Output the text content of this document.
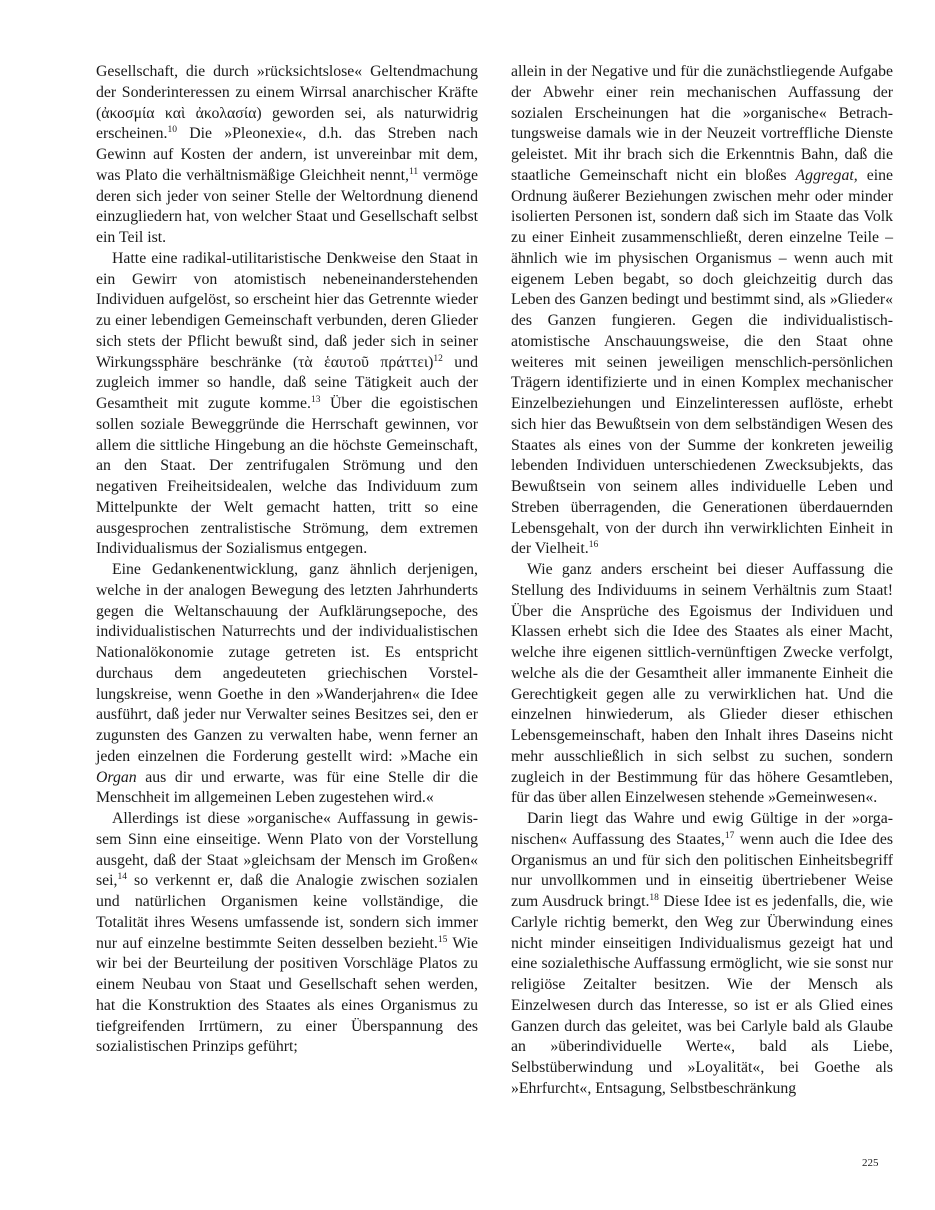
Gesellschaft, die durch »rücksichtslose« Geltendmachung der Sonderinteressen zu einem Wirrsal anarchischer Kräfte (ἀκοσμία καὶ ἀκολασία) geworden sei, als naturwidrig erscheinen.$^{10}$ Die »Pleonexie«, d.h. das Streben nach Gewinn auf Kosten der andern, ist unvereinbar mit dem, was Plato die verhältnismäßige Gleichheit nennt,$^{11}$ vermöge deren sich jeder von seiner Stelle der Weltordnung dienend einzugliedern hat, von welcher Staat und Gesellschaft selbst ein Teil ist.

Hatte eine radikal-utilitaristische Denkweise den Staat in ein Gewirr von atomistisch nebeneinanderstehenden Individuen aufgelöst, so erscheint hier das Getrennte wieder zu einer lebendigen Gemeinschaft verbunden, deren Glieder sich stets der Pflicht bewußt sind, daß jeder sich in seiner Wirkungssphäre beschränke (τὰ ἑαυτοῦ πράττει)$^{12}$ und zugleich immer so handle, daß seine Tätigkeit auch der Gesamtheit mit zugute komme.$^{13}$ Über die egoistischen sollen soziale Beweggründe die Herrschaft gewinnen, vor allem die sittliche Hingebung an die höchste Gemeinschaft, an den Staat. Der zentrifugalen Strömung und den negativen Freiheitsidealen, welche das Individuum zum Mittelpunkte der Welt gemacht hatten, tritt so eine ausgesprochen zentralistische Strömung, dem extremen Individualismus der Sozialismus entgegen.

Eine Gedankenentwicklung, ganz ähnlich derjenigen, welche in der analogen Bewegung des letzten Jahrhunderts gegen die Weltanschauung der Aufklärungsepoche, des individualistischen Naturrechts und der individualistischen Nationalökonomie zutage getreten ist. Es entspricht durchaus dem angedeuteten griechischen Vorstellungskreise, wenn Goethe in den »Wanderjahren« die Idee ausführt, daß jeder nur Verwalter seines Besitzes sei, den er zugunsten des Ganzen zu verwalten habe, wenn ferner an jeden einzelnen die Forderung gestellt wird: »Mache ein Organ aus dir und erwarte, was für eine Stelle dir die Menschheit im allgemeinen Leben zugestehen wird.«

Allerdings ist diese »organische« Auffassung in gewissem Sinn eine einseitige. Wenn Plato von der Vorstellung ausgeht, daß der Staat »gleichsam der Mensch im Großen« sei,$^{14}$ so verkennt er, daß die Analogie zwischen sozialen und natürlichen Organismen keine vollständige, die Totalität ihres Wesens umfassende ist, sondern sich immer nur auf einzelne bestimmte Seiten desselben bezieht.$^{15}$ Wie wir bei der Beurteilung der positiven Vorschläge Platos zu einem Neubau von Staat und Gesellschaft sehen werden, hat die Konstruktion des Staates als eines Organismus zu tiefgreifenden Irrtümern, zu einer Überspannung des sozialistischen Prinzips geführt;

allein in der Negative und für die zunächstliegende Aufgabe der Abwehr einer rein mechanischen Auffassung der sozialen Erscheinungen hat die »organische« Betrachtungsweise damals wie in der Neuzeit vortreffliche Dienste geleistet. Mit ihr brach sich die Erkenntnis Bahn, daß die staatliche Gemeinschaft nicht ein bloßes Aggregat, eine Ordnung äußerer Beziehungen zwischen mehr oder minder isolierten Personen ist, sondern daß sich im Staate das Volk zu einer Einheit zusammenschließt, deren einzelne Teile – ähnlich wie im physischen Organismus – wenn auch mit eigenem Leben begabt, so doch gleichzeitig durch das Leben des Ganzen bedingt und bestimmt sind, als »Glieder« des Ganzen fungieren. Gegen die individualistisch-atomistische Anschauungsweise, die den Staat ohne weiteres mit seinen jeweiligen menschlich-persönlichen Trägern identifizierte und in einen Komplex mechanischer Einzelbeziehungen und Einzelinteressen auflöste, erhebt sich hier das Bewußtsein von dem selbständigen Wesen des Staates als eines von der Summe der konkreten jeweilig lebenden Individuen unterschiedenen Zwecksubjekts, das Bewußtsein von seinem alles individuelle Leben und Streben überragenden, die Generationen überdauernden Lebensgehalt, von der durch ihn verwirklichten Einheit in der Vielheit.$^{16}$

Wie ganz anders erscheint bei dieser Auffassung die Stellung des Individuums in seinem Verhältnis zum Staat! Über die Ansprüche des Egoismus der Individuen und Klassen erhebt sich die Idee des Staates als einer Macht, welche ihre eigenen sittlich-vernünftigen Zwecke verfolgt, welche als die der Gesamtheit aller immanente Einheit die Gerechtigkeit gegen alle zu verwirklichen hat. Und die einzelnen hinwiederum, als Glieder dieser ethischen Lebensgemeinschaft, haben den Inhalt ihres Daseins nicht mehr ausschließlich in sich selbst zu suchen, sondern zugleich in der Bestimmung für das höhere Gesamtleben, für das über allen Einzelwesen stehende »Gemeinwesen«.

Darin liegt das Wahre und ewig Gültige in der »organischen« Auffassung des Staates,$^{17}$ wenn auch die Idee des Organismus an und für sich den politischen Einheitsbegriff nur unvollkommen und in einseitig übertriebener Weise zum Ausdruck bringt.$^{18}$ Diese Idee ist es jedenfalls, die, wie Carlyle richtig bemerkt, den Weg zur Überwindung eines nicht minder einseitigen Individualismus gezeigt hat und eine sozialethische Auffassung ermöglicht, wie sie sonst nur religiöse Zeitalter besitzen. Wie der Mensch als Einzelwesen durch das Interesse, so ist er als Glied eines Ganzen durch das geleitet, was bei Carlyle bald als Glaube an »überindividuelle Werte«, bald als Liebe, Selbstüberwindung und »Loyalität«, bei Goethe als »Ehrfurcht«, Entsagung, Selbstbeschränkung

225
